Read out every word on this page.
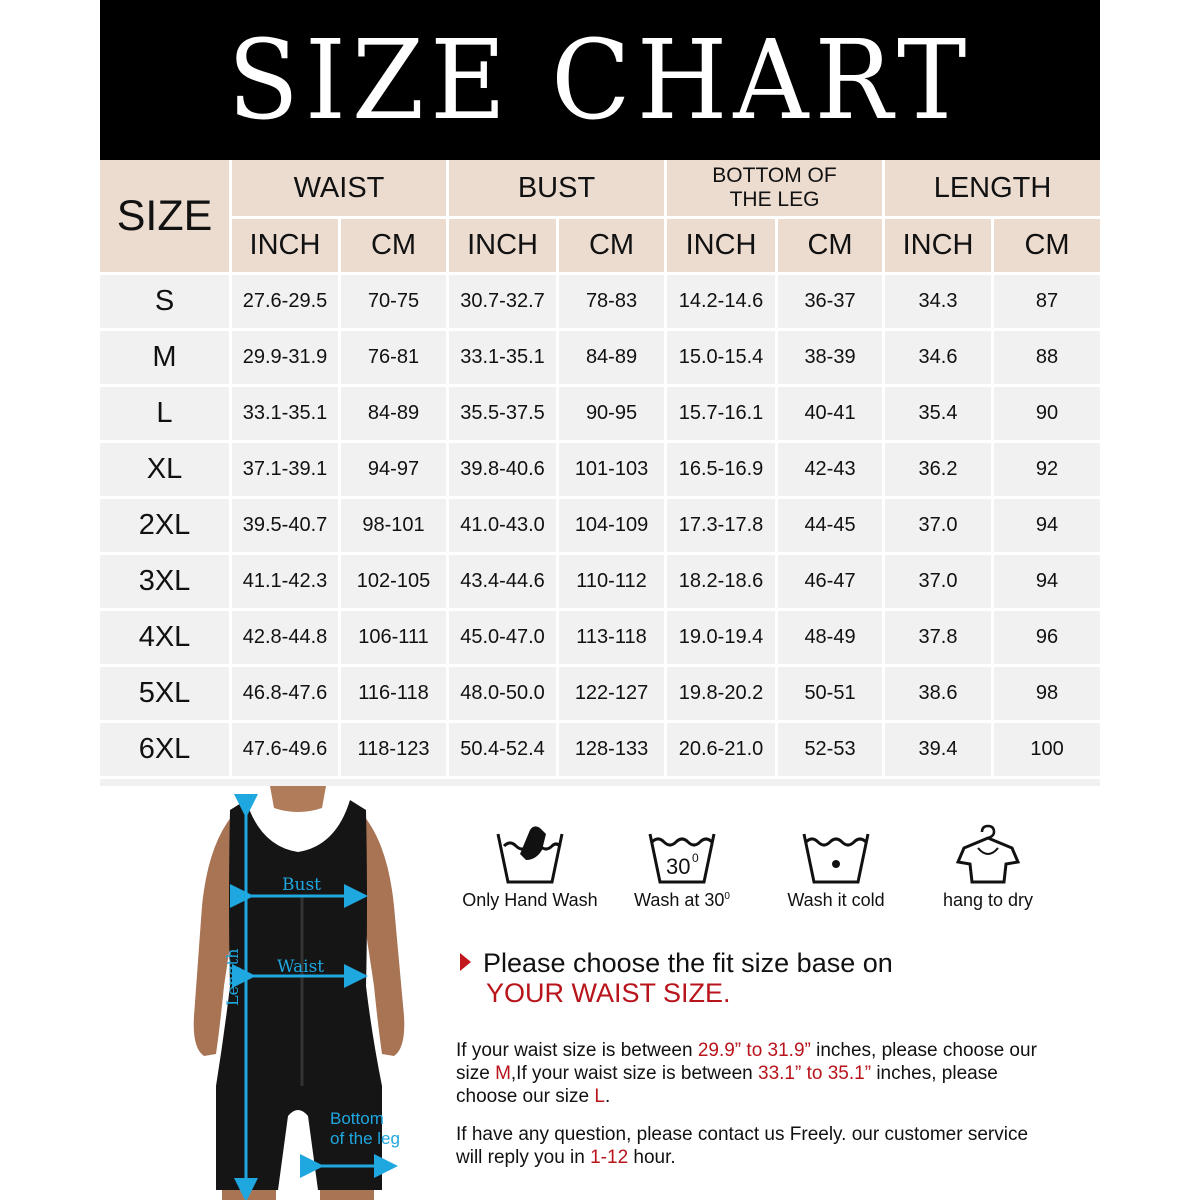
SIZE CHART
SIZE	WAIST		BUST		BOTTOM OF THE LEG		LENGTH	
	INCH	CM	INCH	CM	INCH	CM	INCH	CM
S	27.6-29.5	70-75	30.7-32.7	78-83	14.2-14.6	36-37	34.3	87
M	29.9-31.9	76-81	33.1-35.1	84-89	15.0-15.4	38-39	34.6	88
L	33.1-35.1	84-89	35.5-37.5	90-95	15.7-16.1	40-41	35.4	90
XL	37.1-39.1	94-97	39.8-40.6	101-103	16.5-16.9	42-43	36.2	92
2XL	39.5-40.7	98-101	41.0-43.0	104-109	17.3-17.8	44-45	37.0	94
3XL	41.1-42.3	102-105	43.4-44.6	110-112	18.2-18.6	46-47	37.0	94
4XL	42.8-44.8	106-111	45.0-47.0	113-118	19.0-19.4	48-49	37.8	96
5XL	46.8-47.6	116-118	48.0-50.0	122-127	19.8-20.2	50-51	38.6	98
6XL	47.6-49.6	118-123	50.4-52.4	128-133	20.6-21.0	52-53	39.4	100
Bust
Waist
Length
Bottom
of the leg
Only Hand Wash
30 0
Wash at $30^0$	Wash it cold	hang to dry
Please choose the fit size base on
YOUR WAIST SIZE.
If your waist size is between 29.9” to 31.9” inches, please choose our size M,If your waist size is between 33.1” to 35.1” inches, please choose our size L.
If have any question, please contact us Freely. our customer service will reply you in 1-12 hour.
